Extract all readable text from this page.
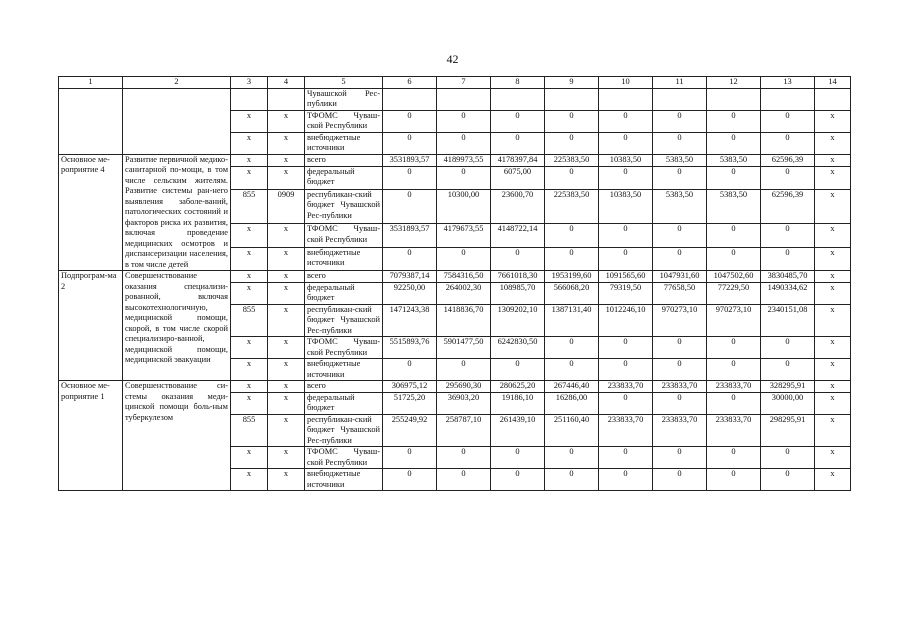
42
1	2	3	4	5	6	7	8	9	10	11	12	13	14
				Чувашской Рес-публики									
		x	x	ТФОМС Чуваш-ской Республики	0	0	0	0	0	0	0	0	x
		x	x	внебюджетные источники	0	0	0	0	0	0	0	0	x
Основное ме-роприятие 4	Развитие первичной медико-санитарной по-мощи, в том числе сельским жителям. Развитие системы ран-него выявления заболе-ваний, патологических состояний и факторов риска их развития, включая проведение медицинских осмотров и диспансеризации населения, в том числе детей	x	x	всего	3531893,57	4189973,55	4178397,84	225383,50	10383,50	5383,50	5383,50	62596,39	x
		x	x	федеральный бюджет	0	0	6075,00	0	0	0	0	0	x
		855	0909	республикан-ский бюджет Чувашской Рес-публики	0	10300,00	23600,70	225383,50	10383,50	5383,50	5383,50	62596,39	x
		x	x	ТФОМС Чуваш-ской Республики	3531893,57	4179673,55	4148722,14	0	0	0	0	0	x
		x	x	внебюджетные источники	0	0	0	0	0	0	0	0	x
Подпрограм-ма 2	Совершенствование оказания специализи-рованной, включая высокотехнологичную, медицинской помощи, скорой, в том числе скорой специализиро-ванной, медицинской помощи, медицинской эвакуации	x	x	всего	7079387,14	7584316,50	7661018,30	1953199,60	1091565,60	1047931,60	1047502,60	3830485,70	x
		x	x	федеральный бюджет	92250,00	264002,30	108985,70	566068,20	79319,50	77658,50	77229,50	1490334,62	x
		855	x	республикан-ский бюджет Чувашской Рес-публики	1471243,38	1418836,70	1309202,10	1387131,40	1012246,10	970273,10	970273,10	2340151,08	x
		x	x	ТФОМС Чуваш-ской Республики	5515893,76	5901477,50	6242830,50	0	0	0	0	0	x
		x	x	внебюджетные источники	0	0	0	0	0	0	0	0	x
Основное ме-роприятие 1	Совершенствование си-стемы оказания меди-цинской помощи боль-ным туберкулезом	x	x	всего	306975,12	295690,30	280625,20	267446,40	233833,70	233833,70	233833,70	328295,91	x
		x	x	федеральный бюджет	51725,20	36903,20	19186,10	16286,00	0	0	0	30000,00	x
		855	x	республикан-ский бюджет Чувашской Рес-публики	255249,92	258787,10	261439,10	251160,40	233833,70	233833,70	233833,70	298295,91	x
		x	x	ТФОМС Чуваш-ской Республики	0	0	0	0	0	0	0	0	x
		x	x	внебюджетные источники	0	0	0	0	0	0	0	0	x
